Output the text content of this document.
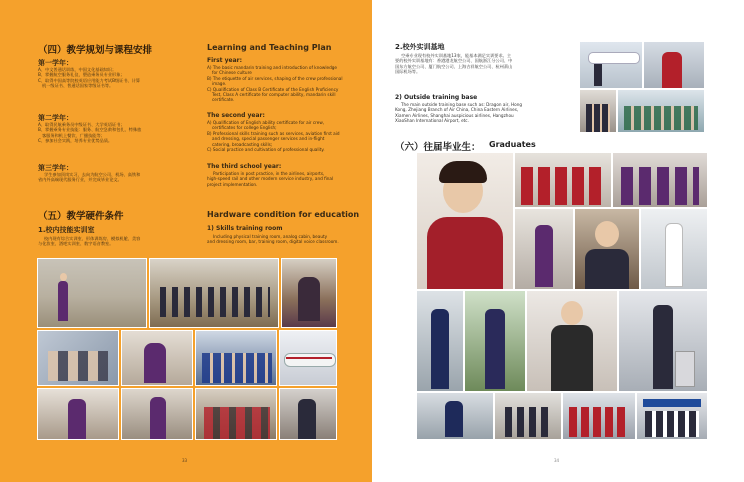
（四）教学规划与课程安排	Learning and Teaching Plan
第一学年：
A、中文普通话训练，中国文化基础知识；
B、掌握航空服务礼仪，塑造乘务员专业形象；
C、取得中国高等院校英语应用能力考试B级证书、计算
机一级证书、普通话国家等级证书等。
First year:
A) The basic mandarin training and introduction of knowledge
for Chinese culture
B) The etiquette of air services, shaping of the crew professional
image.
C) Qualification of Class B Certificate of the English Proficiency
Test, Class A certificate for computer ability, mandarin skill
certificate.
第二学年：
A、取得民航乘务员中级证书、大学英语证书；
B、掌握乘务专业技能：服务、航空急救和包扎、特殊旅
客服务和机上餐饮、广播技能等；
C、参加社会实践，培养专业优势品质。
The second year:
A) Qualification of English ability certificate for air crew,
certificates for college English;
B) Professional skills training such as services, aviation first aid
and dressing, special passenger services and in-flight
catering, broadcasting skills;
C) Social practice and cultivation of professional quality.
第三学年：
学生参加顶岗实习，去向为航空公司、机场、高铁和
省内外高端现代服务行业，并完成毕业论文。
The third school year:
Participation in post practice, in the airlines, airports,
high-speed rail and other modern service industry, and final
project implementation.
（五）教学硬件条件	Hardware condition for education
1.校内技能实训室
校内现有综合实训室、形体训练房、模拟机舱、美容
与化妆室、酒吧实训室、数字语音教室。
1) Skills training room
Including physical training room, analog cabin, beauty
and dressing room, bar, training room, digital voice classroom.
33
2.校外实训基地
空乘专业现有校外实训基地13家，能基本满足实训要求。主
要的校外实训基地有：香港港龙航空公司、国航浙江分公司、中
国东方航空公司、厦门航空公司、上海吉祥航空公司、杭州萧山
国际机场等。
2) Outside training base
The main outside training base such as: Dragon air, Hong
Kong, Zhejiang Branch of Air China, China Eastern Airlines,
Xiamen Airlines, Shanghai auspicious airlines, Hangzhou
XiaoShan International Airport, etc.
（六）往届毕业生： Graduates
34
